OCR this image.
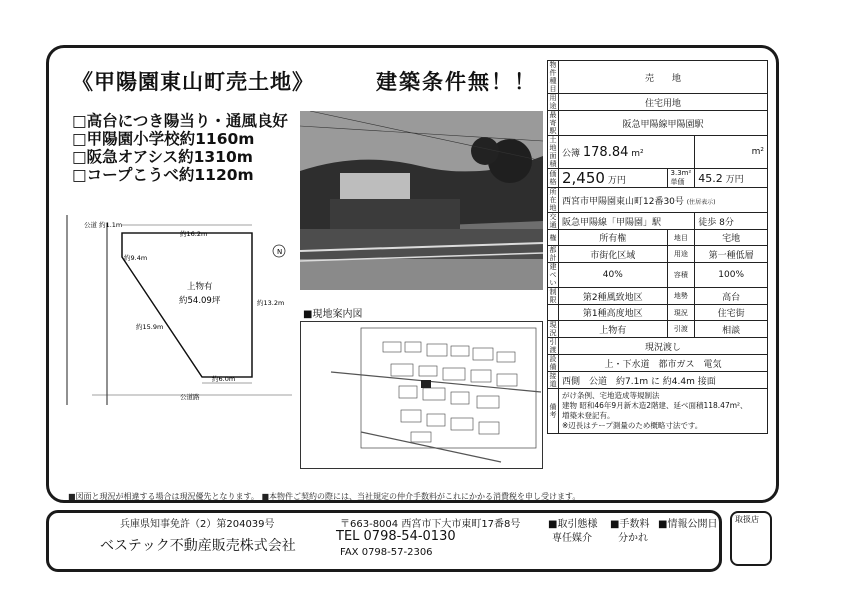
《甲陽園東山町売土地》	建築条件無！！
□高台につき陽当り・通風良好
□甲陽園小学校約1160m
□阪急オアシス約1310m
□コープこうべ約1120m
N
公道 約1.1m
約16.2m
約9.4m
約13.2m
約15.9m
約6.0m
上物有
約54.09坪
公道路
■現地案内図
物件種目	売　　 地		
用途	住宅用地		
最寄駅	阪急甲陽線甲陽園駅		
土地面積	公簿 178.84 m²		m²
価格	2,450 万円	3.3m²単価	45.2 万円
所在地	西宮市甲陽園東山町12番30号 (住居表示)		
交通	阪急甲陽線「甲陽園」駅		徒歩 8分
権	所有権	地目	宅地
都計	市街化区域	用途	第一種低層
建ぺい	40%	容積	100%
制限	第2種風致地区	地勢	高台
	第1種高度地区	現況	住宅街
現況	上物有	引渡	相談
引渡	現況渡し		
設備	上・下水道　 都市ガス　 電気		
接道	西側　公道　約7.1m に 約4.4m 接面		
備考	がけ条例、宅地造成等規制法
建物 昭和46年9月新木造2階建、延べ面積118.47m²、
増築未登記有。
※辺長はテープ測量のため概略寸法です。		
■図面と現況が相違する場合は現況優先となります。 ■本物件ご契約の際には、当社規定の仲介手数料がこれにかかる消費税を申し受けます。
兵庫県知事免許（2）第204039号
ベステック不動産販売株式会社
〒663-8004 西宮市下大市東町17番8号
TEL 0798-54-0130
FAX 0798-57-2306
■取引態様
専任媒介
■手数料
分かれ
■情報公開日 取扱店
